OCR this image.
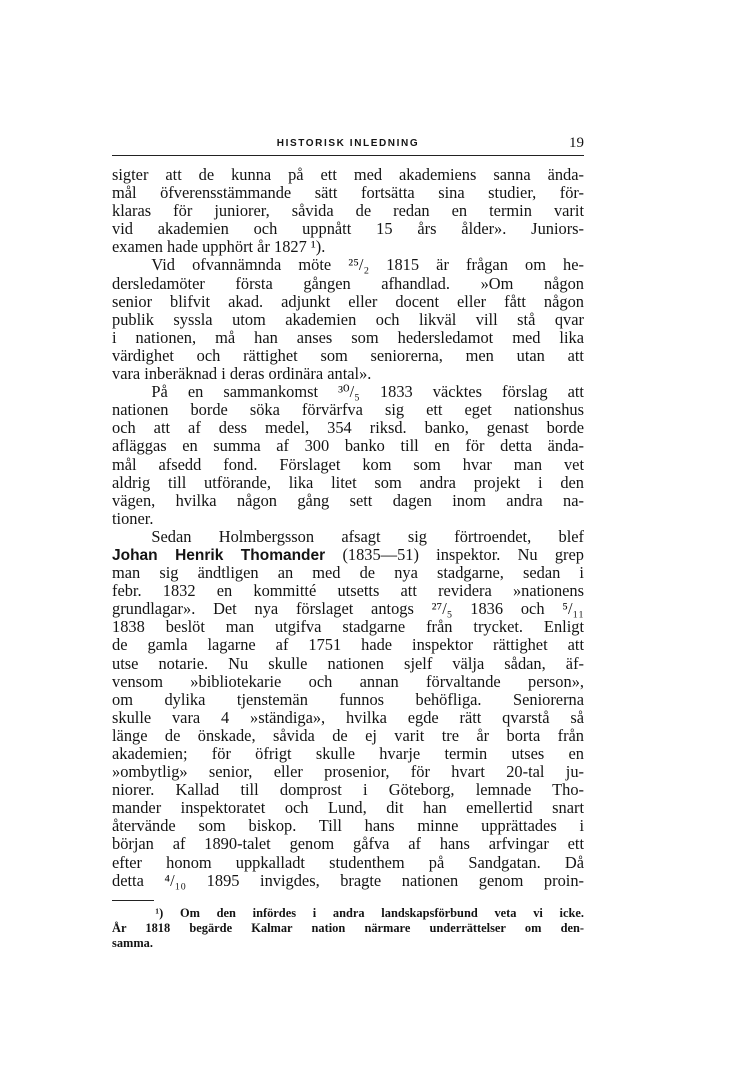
HISTORISK INLEDNING	19
sigter att de kunna på ett med akademiens sanna ända-
mål öfverensstämmande sätt fortsätta sina studier, för-
klaras för juniorer, såvida de redan en termin varit
vid akademien och uppnått 15 års ålder». Juniors-
examen hade upphört år 1827 ¹).
Vid ofvannämnda möte ²⁵/₂ 1815 är frågan om he-
dersledamöter första gången afhandlad. »Om någon
senior blifvit akad. adjunkt eller docent eller fått någon
publik syssla utom akademien och likväl vill stå qvar
i nationen, må han anses som hedersledamot med lika
värdighet och rättighet som seniorerna, men utan att
vara inberäknad i deras ordinära antal».
På en sammankomst ³⁰/₅ 1833 väcktes förslag att
nationen borde söka förvärfva sig ett eget nationshus
och att af dess medel, 354 riksd. banko, genast borde
afläggas en summa af 300 banko till en för detta ända-
mål afsedd fond. Förslaget kom som hvar man vet
aldrig till utförande, lika litet som andra projekt i den
vägen, hvilka någon gång sett dagen inom andra na-
tioner.
Sedan Holmbergsson afsagt sig förtroendet, blef
Johan Henrik Thomander (1835—51) inspektor. Nu grep
man sig ändtligen an med de nya stadgarne, sedan i
febr. 1832 en kommitté utsetts att revidera »nationens
grundlagar». Det nya förslaget antogs ²⁷/₅ 1836 och ⁵/₁₁
1838 beslöt man utgifva stadgarne från trycket. Enligt
de gamla lagarne af 1751 hade inspektor rättighet att
utse notarie. Nu skulle nationen sjelf välja sådan, äf-
vensom »bibliotekarie och annan förvaltande person»,
om dylika tjenstemän funnos behöfliga. Seniorerna
skulle vara 4 »ständiga», hvilka egde rätt qvarstå så
länge de önskade, såvida de ej varit tre år borta från
akademien; för öfrigt skulle hvarje termin utses en
»ombytlig» senior, eller prosenior, för hvart 20-tal ju-
niorer. Kallad till domprost i Göteborg, lemnade Tho-
mander inspektoratet och Lund, dit han emellertid snart
återvände som biskop. Till hans minne upprättades i
början af 1890-talet genom gåfva af hans arfvingar ett
efter honom uppkalladt studenthem på Sandgatan. Då
detta ⁴/₁₀ 1895 invigdes, bragte nationen genom proin-
¹) Om den infördes i andra landskapsförbund veta vi icke.
År 1818 begärde Kalmar nation närmare underrättelser om den-
samma.
